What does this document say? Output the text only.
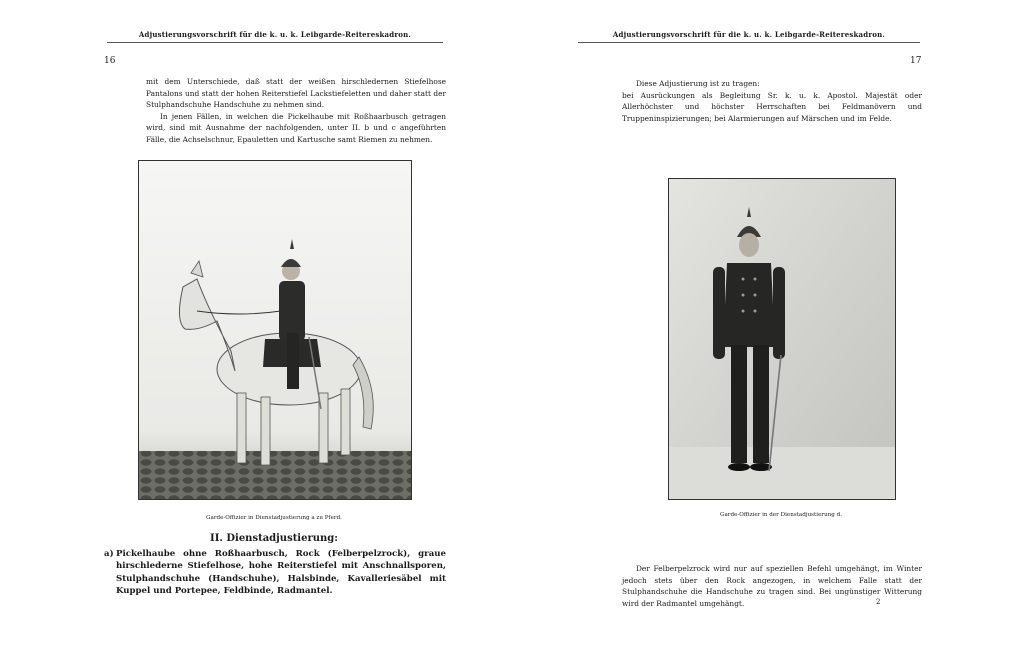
Adjustierungsvorschrift für die k. u. k. Leibgarde-Reitereskadron.
16

mit dem Unterschiede, daß statt der weißen hirschledernen Stiefelhose Pantalons und statt der hohen Reiterstiefel Lackstiefeletten und daher statt der Stulphandschuhe Handschuhe zu nehmen sind.

In jenen Fällen, in welchen die Pickelhaube mit Roßhaarbusch getragen wird, sind mit Ausnahme der nachfolgenden, unter II. b und c angeführten Fälle, die Achselschnur, Epauletten und Kartusche samt Riemen zu nehmen.

Garde-Offizier in Dienstadjustierung a zu Pferd.
II. Dienstadjustierung:
a) Pickelhaube ohne Roßhaarbusch, Rock (Felberpelzrock), graue hirschlederne Stiefelhose, hohe Reiterstiefel mit Anschnallsporen, Stulphandschuhe (Handschuhe), Halsbinde, Kavalleriesäbel mit Kuppel und Portepee, Feldbinde, Radmantel.
Adjustierungsvorschrift für die k. u. k. Leibgarde-Reitereskadron.
17

Diese Adjustierung ist zu tragen:

bei Ausrückungen als Begleitung Sr. k. u. k. Apostol. Majestät oder Allerhöchster und höchster Herrschaften bei Feldmanövern und Truppeninspizierungen; bei Alarmierungen auf Märschen und im Felde.

Garde-Offizier in der Dienstadjustierung d.

Der Felberpelzrock wird nur auf speziellen Befehl umgehängt, im Winter jedoch stets über den Rock angezogen, in welchem Falle statt der Stulphandschuhe die Handschuhe zu tragen sind. Bei ungünstiger Witterung wird der Radmantel umgehängt.	2
